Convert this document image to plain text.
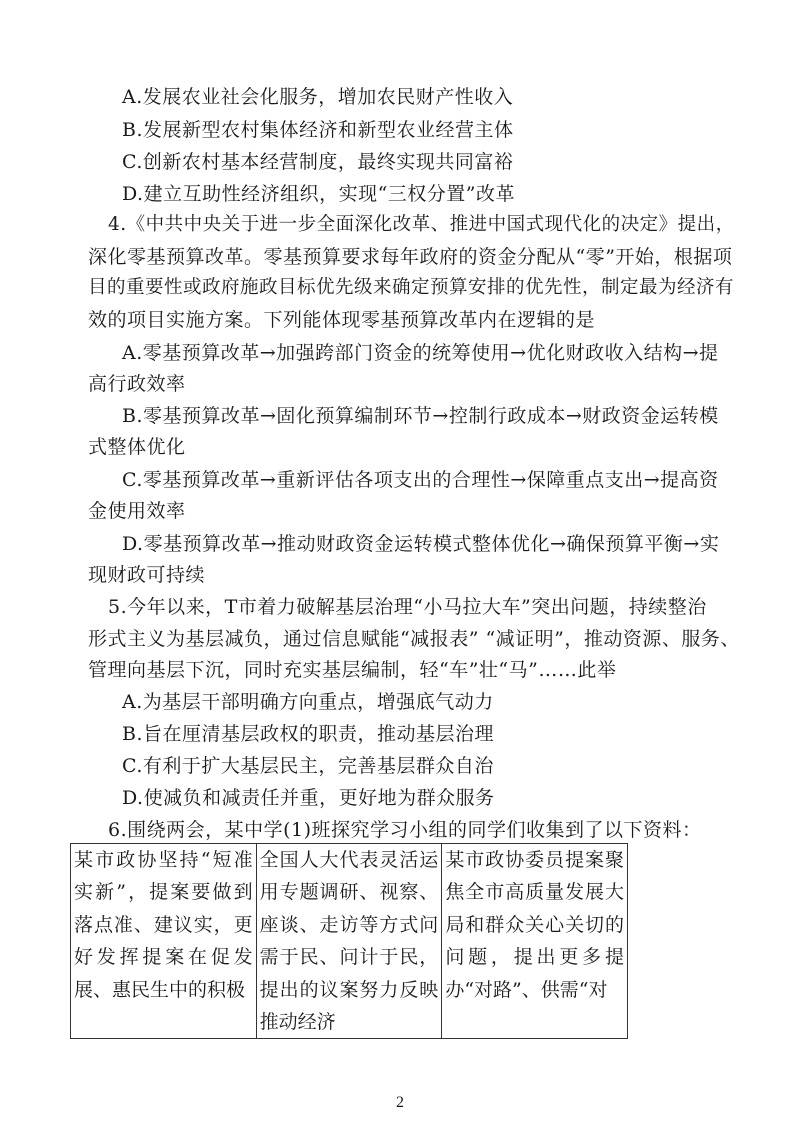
A.发展农业社会化服务，增加农民财产性收入
B.发展新型农村集体经济和新型农业经营主体
C.创新农村基本经营制度，最终实现共同富裕
D.建立互助性经济组织，实现“三权分置”改革
4.《中共中央关于进一步全面深化改革、推进中国式现代化的决定》提出，
深化零基预算改革。零基预算要求每年政府的资金分配从“零”开始，根据项
目的重要性或政府施政目标优先级来确定预算安排的优先性，制定最为经济有
效的项目实施方案。下列能体现零基预算改革内在逻辑的是
A.零基预算改革→加强跨部门资金的统筹使用→优化财政收入结构→提
高行政效率
B.零基预算改革→固化预算编制环节→控制行政成本→财政资金运转模
式整体优化
C.零基预算改革→重新评估各项支出的合理性→保障重点支出→提高资
金使用效率
D.零基预算改革→推动财政资金运转模式整体优化→确保预算平衡→实
现财政可持续
5.今年以来，T市着力破解基层治理“小马拉大车”突出问题，持续整治
形式主义为基层减负，通过信息赋能“减报表” “减证明”，推动资源、服务、
管理向基层下沉，同时充实基层编制，轻“车”壮“马”……此举
A.为基层干部明确方向重点，增强底气动力
B.旨在厘清基层政权的职责，推动基层治理
C.有利于扩大基层民主，完善基层群众自治
D.使减负和减责任并重，更好地为群众服务
6.围绕两会，某中学(1)班探究学习小组的同学们收集到了以下资料：
某市政协坚持“短准实新”，提案要做到落点准、建议实，更好发挥提案在促发展、惠民生中的积极	全国人大代表灵活运用专题调研、视察、座谈、走访等方式问需于民、问计于民，提出的议案努力反映推动经济	某市政协委员提案聚焦全市高质量发展大局和群众关心关切的问题，提出更多提办“对路”、供需“对
2
